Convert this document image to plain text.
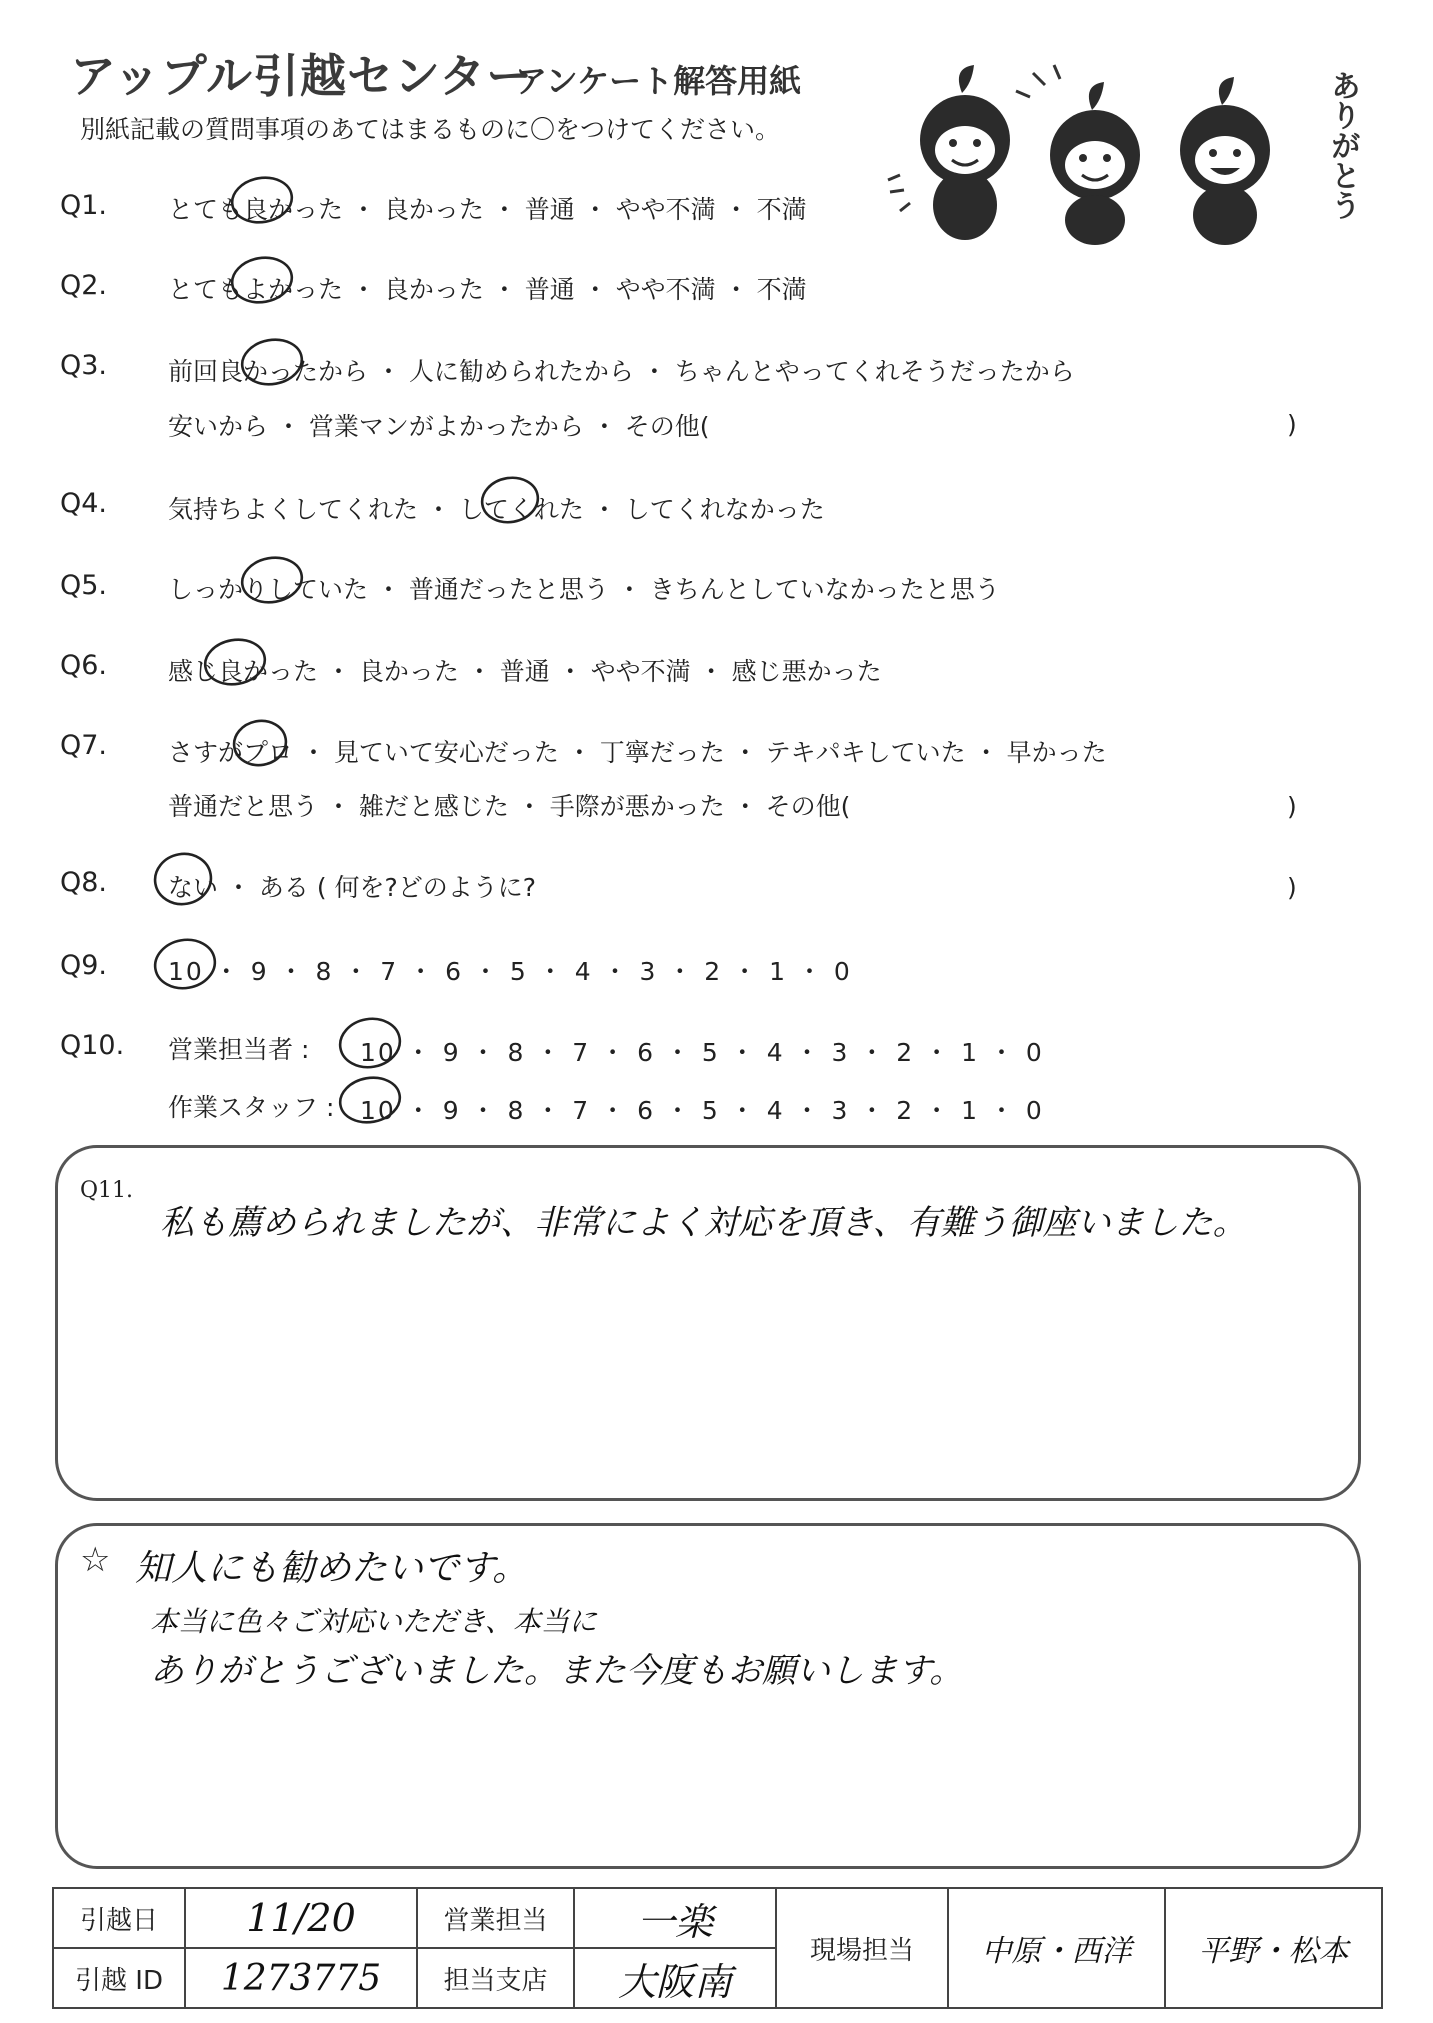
アップル引越センター
アンケート解答用紙
別紙記載の質問事項のあてはまるものに〇をつけてください。	ありがとう
Q1. とても良かった ・ 良かった ・ 普通 ・ やや不満 ・ 不満
Q2. とてもよかった ・ 良かった ・ 普通 ・ やや不満 ・ 不満
Q3. 前回良かったから ・ 人に勧められたから ・ ちゃんとやってくれそうだったから
安いから ・ 営業マンがよかったから ・ その他(	)
Q4. 気持ちよくしてくれた ・ してくれた ・ してくれなかった
Q5. しっかりしていた ・ 普通だったと思う ・ きちんとしていなかったと思う
Q6. 感じ良かった ・ 良かった ・ 普通 ・ やや不満 ・ 感じ悪かった
Q7. さすがプロ ・ 見ていて安心だった ・ 丁寧だった ・ テキパキしていた ・ 早かった
普通だと思う ・ 雑だと感じた ・ 手際が悪かった ・ その他(	)
Q8. ない ・ ある ( 何を?どのように?	)
Q9. 10 ・ 9 ・ 8 ・ 7 ・ 6 ・ 5 ・ 4 ・ 3 ・ 2 ・ 1 ・ 0
Q10. 営業担当者 : 10 ・ 9 ・ 8 ・ 7 ・ 6 ・ 5 ・ 4 ・ 3 ・ 2 ・ 1 ・ 0
作業スタッフ : 10 ・ 9 ・ 8 ・ 7 ・ 6 ・ 5 ・ 4 ・ 3 ・ 2 ・ 1 ・ 0
Q11.
私も薦められましたが、非常によく対応を頂き、有難う御座いました。
☆ 知人にも勧めたいです。
本当に色々ご対応いただき、本当に
ありがとうございました。また今度もお願いします。
引越日	11/20	営業担当	一楽	現場担当	中原・西洋	平野・松本
引越 ID	1273775	担当支店	大阪南			
